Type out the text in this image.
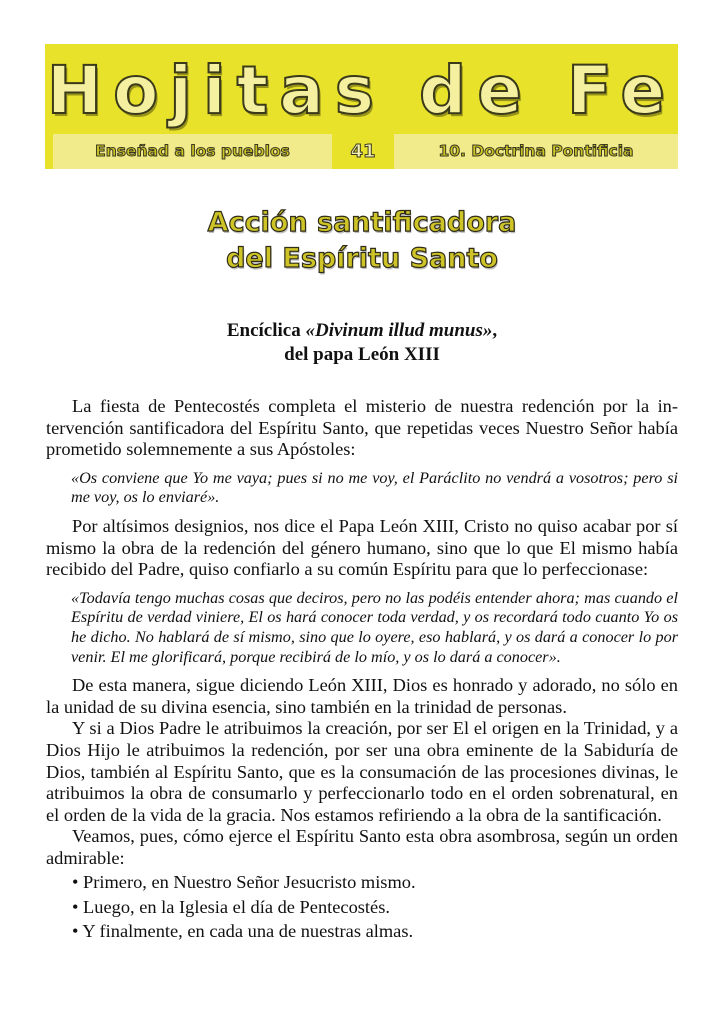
Hojitas de Fe
Enseñad a los pueblos	41	10. Doctrina Pontificia
Acción santificadora
del Espíritu Santo
Encíclica «Divinum illud munus»,
del papa León XIII

La fiesta de Pentecostés completa el misterio de nuestra redención por la intervención santificadora del Espíritu Santo, que repetidas veces Nuestro Señor había prometido solemnemente a sus Apóstoles:

«Os conviene que Yo me vaya; pues si no me voy, el Paráclito no vendrá a vosotros; pero si me voy, os lo enviaré».

Por altísimos designios, nos dice el Papa León XIII, Cristo no quiso acabar por sí mismo la obra de la redención del género humano, sino que lo que El mismo había recibido del Padre, quiso confiarlo a su común Espíritu para que lo perfeccionase:

«Todavía tengo muchas cosas que deciros, pero no las podéis entender ahora; mas cuando el Espíritu de verdad viniere, El os hará conocer toda verdad, y os recordará todo cuanto Yo os he dicho. No hablará de sí mismo, sino que lo oyere, eso hablará, y os dará a conocer lo por venir. El me glorificará, porque recibirá de lo mío, y os lo dará a conocer».

De esta manera, sigue diciendo León XIII, Dios es honrado y adorado, no sólo en la unidad de su divina esencia, sino también en la trinidad de personas.

Y si a Dios Padre le atribuimos la creación, por ser El el origen en la Trinidad, y a Dios Hijo le atribuimos la redención, por ser una obra eminente de la Sabiduría de Dios, también al Espíritu Santo, que es la consumación de las procesiones divinas, le atribuimos la obra de consumarlo y perfeccionarlo todo en el orden sobrenatural, en el orden de la vida de la gracia. Nos estamos refiriendo a la obra de la santificación.

Veamos, pues, cómo ejerce el Espíritu Santo esta obra asombrosa, según un orden admirable:

• Primero, en Nuestro Señor Jesucristo mismo.

• Luego, en la Iglesia el día de Pentecostés.

• Y finalmente, en cada una de nuestras almas.
